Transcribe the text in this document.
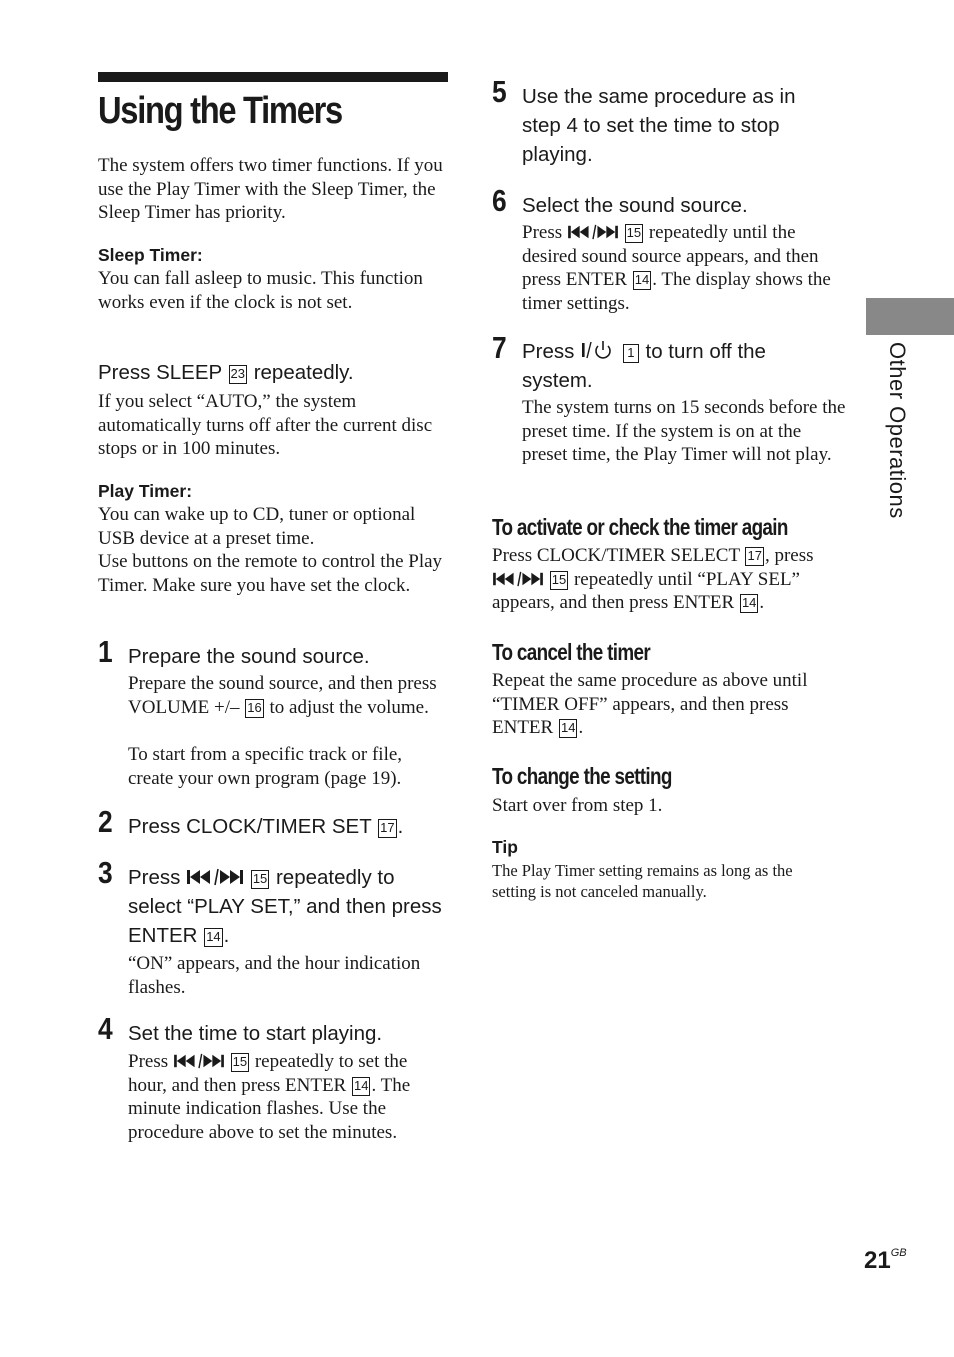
Using the Timers

The system offers two timer functions. If you use the Play Timer with the Sleep Timer, the Sleep Timer has priority.

Sleep Timer:

You can fall asleep to music. This function works even if the clock is not set.

Press SLEEP 23 repeatedly.

If you select “AUTO,” the system automatically turns off after the current disc stops or in 100 minutes.

Play Timer:

You can wake up to CD, tuner or optional USB device at a preset time.

Use buttons on the remote to control the Play Timer. Make sure you have set the clock.

1 Prepare the sound source.

Prepare the sound source, and then press VOLUME +/– 16 to adjust the volume.

To start from a specific track or file, create your own program (page 19).

2 Press CLOCK/TIMER SET 17 .

3 Press	15 repeatedly to select “PLAY SET,” and then press ENTER 14 .

“ON” appears, and the hour indication flashes.

4 Set the time to start playing.

Press	15 repeatedly to set the hour, and then press ENTER 14 . The minute indication flashes. Use the procedure above to set the minutes.

5 Use the same procedure as in step 4 to set the time to stop playing.

6 Select the sound source.

Press	15 repeatedly until the desired sound source appears, and then press ENTER 14 . The display shows the timer settings.

7 Press	1 to turn off the system.

The system turns on 15 seconds before the preset time. If the system is on at the preset time, the Play Timer will not play.

To activate or check the timer again

Press CLOCK/TIMER SELECT 17 , press  15 repeatedly until “PLAY SEL” appears, and then press ENTER 14 .

To cancel the timer

Repeat the same procedure as above until “TIMER OFF” appears, and then press ENTER 14 .

To change the setting

Start over from step 1.

Tip

The Play Timer setting remains as long as the setting is not canceled manually.

Other Operations
$21^{GB}$
